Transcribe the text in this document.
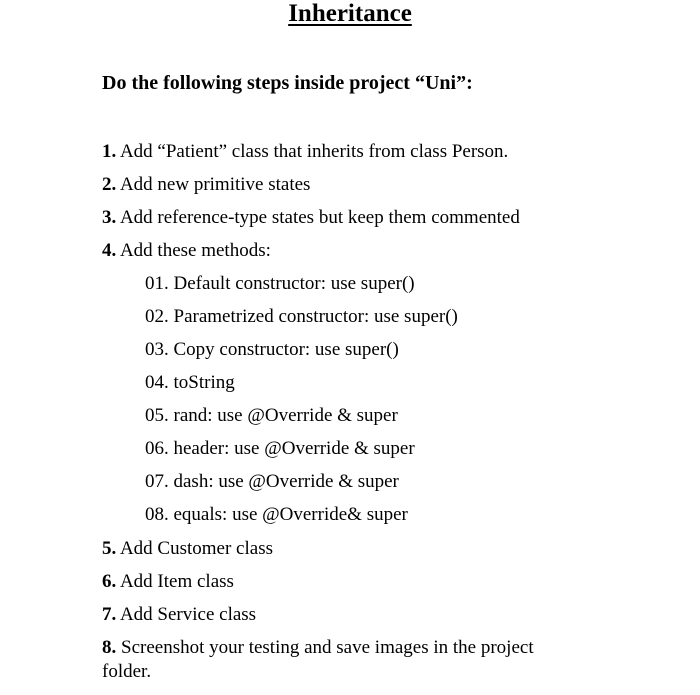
Inheritance
Do the following steps inside project “Uni”:
1. Add “Patient” class that inherits from class Person.
2. Add new primitive states
3. Add reference-type states but keep them commented
4. Add these methods:
01. Default constructor: use super()
02. Parametrized constructor: use super()
03. Copy constructor: use super()
04. toString
05. rand: use @Override & super
06. header: use @Override & super
07. dash: use @Override & super
08. equals: use @Override& super
5. Add Customer class
6. Add Item class
7. Add Service class
8. Screenshot your testing and save images in the project folder.
